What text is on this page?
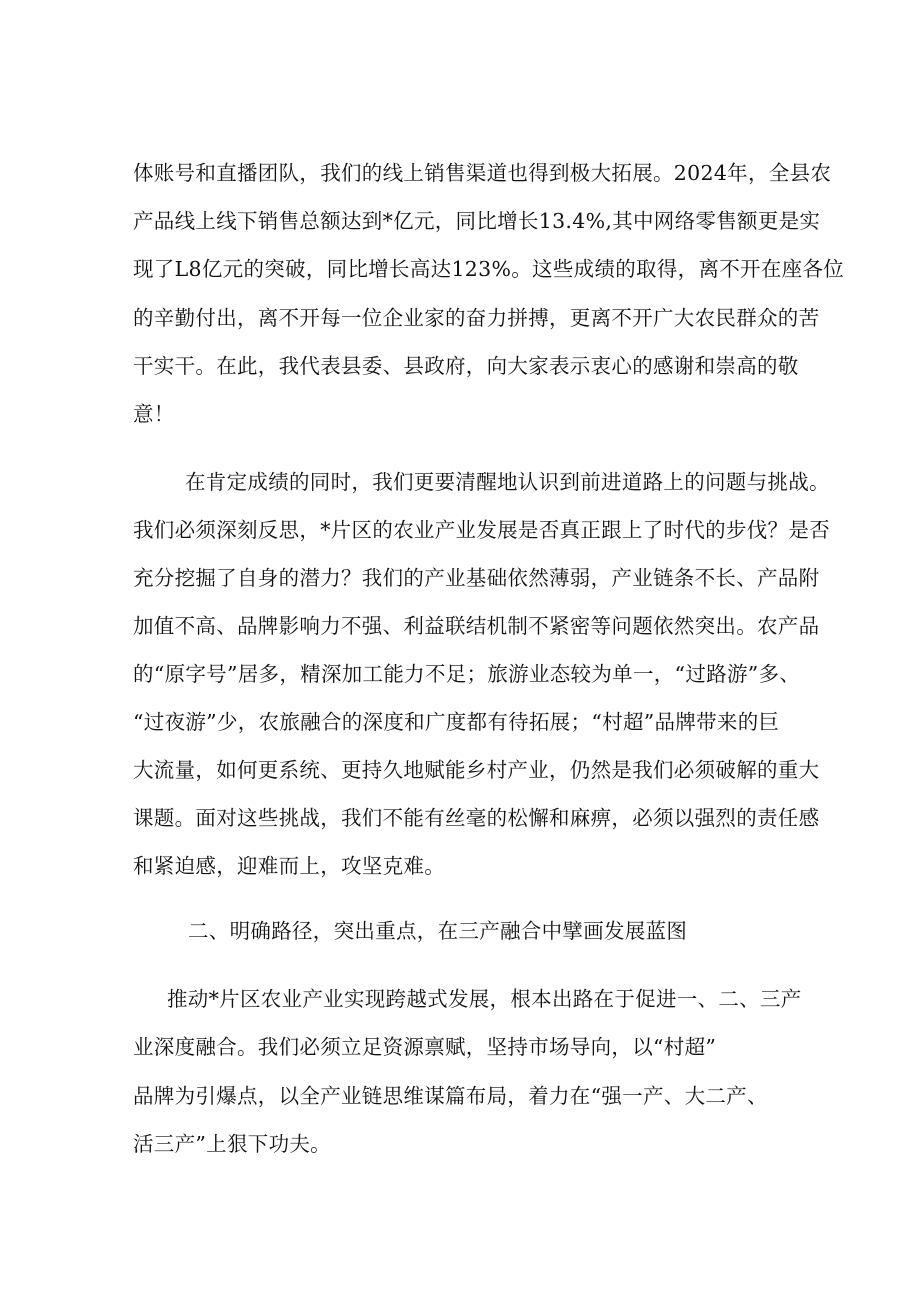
体账号和直播团队，我们的线上销售渠道也得到极大拓展。2024年，全县农
产品线上线下销售总额达到*亿元，同比增长13.4%,其中网络零售额更是实
现了L8亿元的突破，同比增长高达123%。这些成绩的取得，离不开在座各位
的辛勤付出，离不开每一位企业家的奋力拼搏，更离不开广大农民群众的苦
干实干。在此，我代表县委、县政府，向大家表示衷心的感谢和崇高的敬
意！
在肯定成绩的同时，我们更要清醒地认识到前进道路上的问题与挑战。
我们必须深刻反思，*片区的农业产业发展是否真正跟上了时代的步伐？是否
充分挖掘了自身的潜力？我们的产业基础依然薄弱，产业链条不长、产品附
加值不高、品牌影响力不强、利益联结机制不紧密等问题依然突出。农产品
的“原字号”居多，精深加工能力不足；旅游业态较为单一，“过路游”多、
“过夜游”少，农旅融合的深度和广度都有待拓展；“村超”品牌带来的巨
大流量，如何更系统、更持久地赋能乡村产业，仍然是我们必须破解的重大
课题。面对这些挑战，我们不能有丝毫的松懈和麻痹，必须以强烈的责任感
和紧迫感，迎难而上，攻坚克难。
二、明确路径，突出重点，在三产融合中擘画发展蓝图
推动*片区农业产业实现跨越式发展，根本出路在于促进一、二、三产
业深度融合。我们必须立足资源禀赋，坚持市场导向，以“村超”
品牌为引爆点，以全产业链思维谋篇布局，着力在“强一产、大二产、
活三产”上狠下功夫。
